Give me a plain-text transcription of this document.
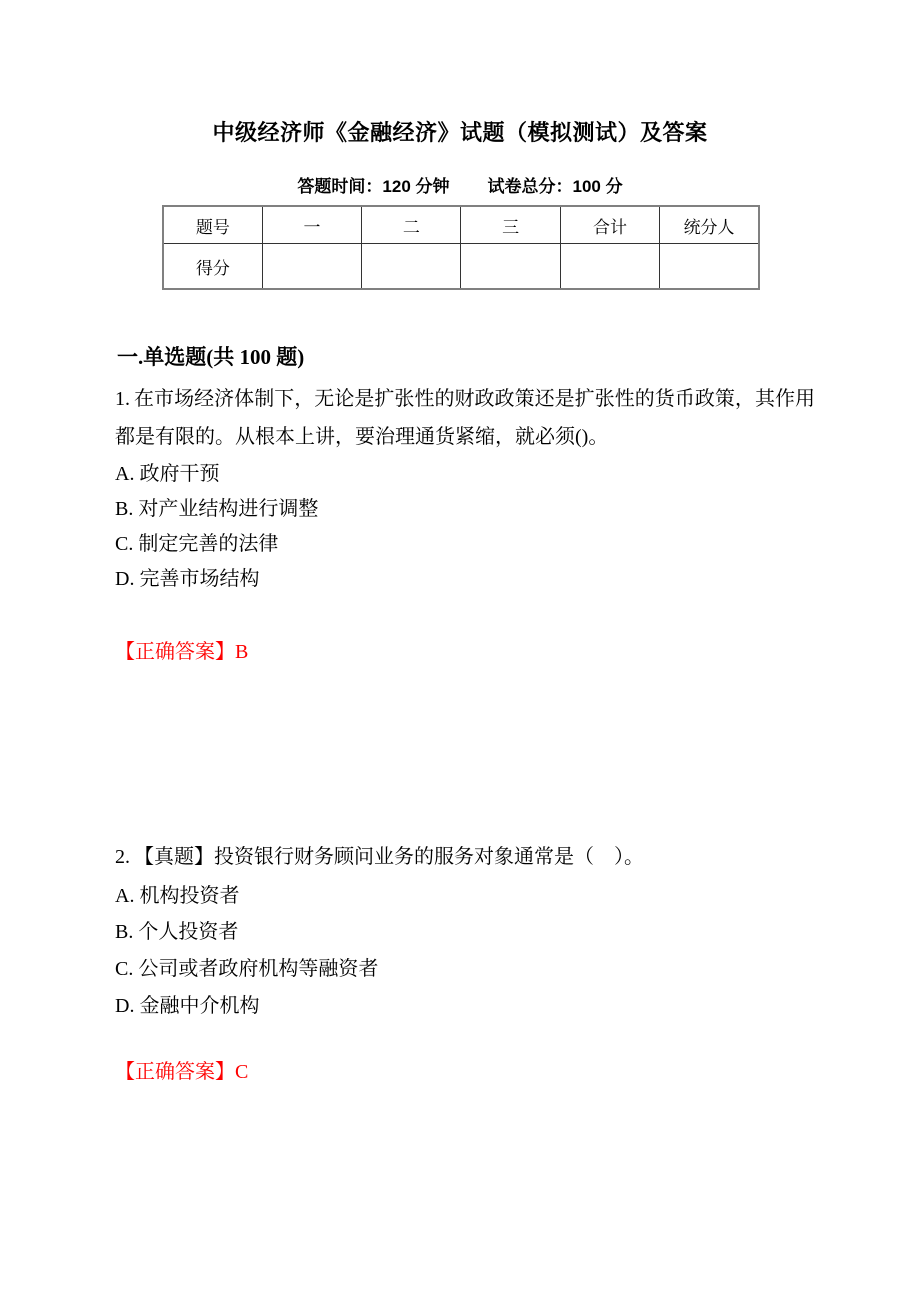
中级经济师《金融经济》试题（模拟测试）及答案
答题时间：120 分钟 试卷总分：100 分
题号	一	二	三	合计	统分人
得分					
一.单选题(共 100 题)
1. 在市场经济体制下，无论是扩张性的财政政策还是扩张性的货币政策，其作用都是有限的。从根本上讲，要治理通货紧缩，就必须()。
A. 政府干预
B. 对产业结构进行调整
C. 制定完善的法律
D. 完善市场结构
【正确答案】B
2. 【真题】投资银行财务顾问业务的服务对象通常是（　）。
A. 机构投资者
B. 个人投资者
C. 公司或者政府机构等融资者
D. 金融中介机构
【正确答案】C
